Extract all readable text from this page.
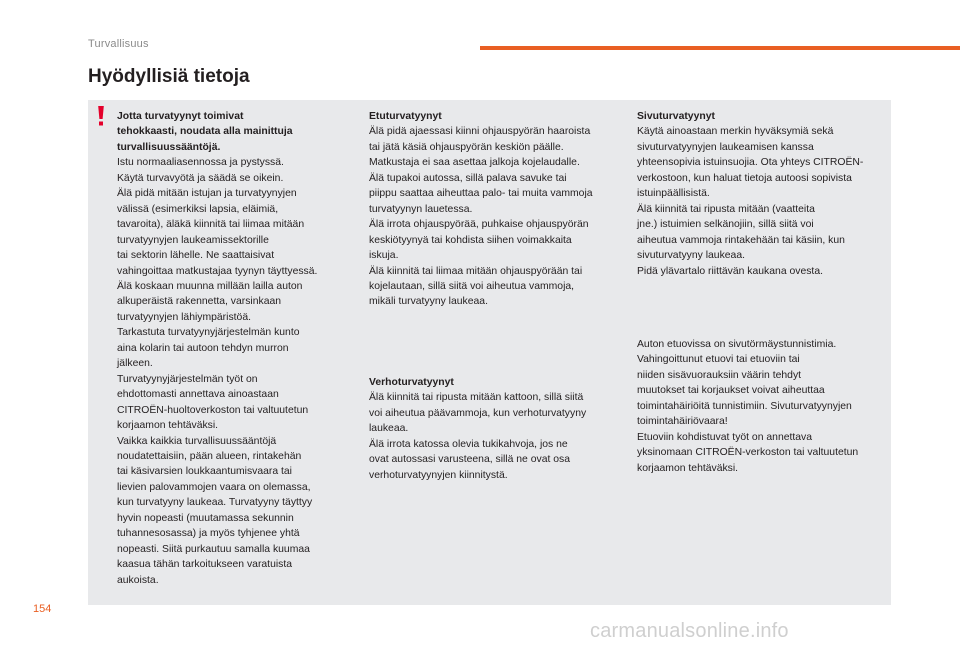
Turvallisuus
Hyödyllisiä tietoja

Jotta turvatyynyt toimivat

tehokkaasti, noudata alla mainittuja

turvallisuussääntöjä.

Istu normaaliasennossa ja pystyssä.

Käytä turvavyötä ja säädä se oikein.

Älä pidä mitään istujan ja turvatyynyjen

välissä (esimerkiksi lapsia, eläimiä,

tavaroita), äläkä kiinnitä tai liimaa mitään

turvatyynyjen laukeamissektorille

tai sektorin lähelle. Ne saattaisivat

vahingoittaa matkustajaa tyynyn täyttyessä.

Älä koskaan muunna millään lailla auton

alkuperäistä rakennetta, varsinkaan

turvatyynyjen lähiympäristöä.

Tarkastuta turvatyynyjärjestelmän kunto

aina kolarin tai autoon tehdyn murron

jälkeen.

Turvatyynyjärjestelmän työt on

ehdottomasti annettava ainoastaan

CITROËN-huoltoverkoston tai valtuutetun

korjaamon tehtäväksi.

Vaikka kaikkia turvallisuussääntöjä

noudatettaisiin, pään alueen, rintakehän

tai käsivarsien loukkaantumisvaara tai

lievien palovammojen vaara on olemassa,

kun turvatyyny laukeaa. Turvatyyny täyttyy

hyvin nopeasti (muutamassa sekunnin

tuhannesosassa) ja myös tyhjenee yhtä

nopeasti. Siitä purkautuu samalla kuumaa

kaasua tähän tarkoitukseen varatuista

aukoista.

Etuturvatyynyt

Älä pidä ajaessasi kiinni ohjauspyörän haaroista

tai jätä käsiä ohjauspyörän keskiön päälle.

Matkustaja ei saa asettaa jalkoja kojelaudalle.

Älä tupakoi autossa, sillä palava savuke tai

piippu saattaa aiheuttaa palo- tai muita vammoja

turvatyynyn lauetessa.

Älä irrota ohjauspyörää, puhkaise ohjauspyörän

keskiötyynyä tai kohdista siihen voimakkaita

iskuja.

Älä kiinnitä tai liimaa mitään ohjauspyörään tai

kojelautaan, sillä siitä voi aiheutua vammoja,

mikäli turvatyyny laukeaa.

Verhoturvatyynyt

Älä kiinnitä tai ripusta mitään kattoon, sillä siitä

voi aiheutua päävammoja, kun verhoturvatyyny

laukeaa.

Älä irrota katossa olevia tukikahvoja, jos ne

ovat autossasi varusteena, sillä ne ovat osa

verhoturvatyynyjen kiinnitystä.

Sivuturvatyynyt

Käytä ainoastaan merkin hyväksymiä sekä

sivuturvatyynyjen laukeamisen kanssa

yhteensopivia istuinsuojia. Ota yhteys CITROËN-

verkostoon, kun haluat tietoja autoosi sopivista

istuinpäällisistä.

Älä kiinnitä tai ripusta mitään (vaatteita

jne.) istuimien selkänojiin, sillä siitä voi

aiheutua vammoja rintakehään tai käsiin, kun

sivuturvatyyny laukeaa.

Pidä ylävartalo riittävän kaukana ovesta.

Auton etuovissa on sivutörmäystunnistimia.

Vahingoittunut etuovi tai etuoviin tai

niiden sisävuorauksiin väärin tehdyt

muutokset tai korjaukset voivat aiheuttaa

toimintahäiriöitä tunnistimiin. Sivuturvatyynyjen

toimintahäiriövaara!

Etuoviin kohdistuvat työt on annettava

yksinomaan CITROËN-verkoston tai valtuutetun

korjaamon tehtäväksi.

154
carmanualsonline.info
